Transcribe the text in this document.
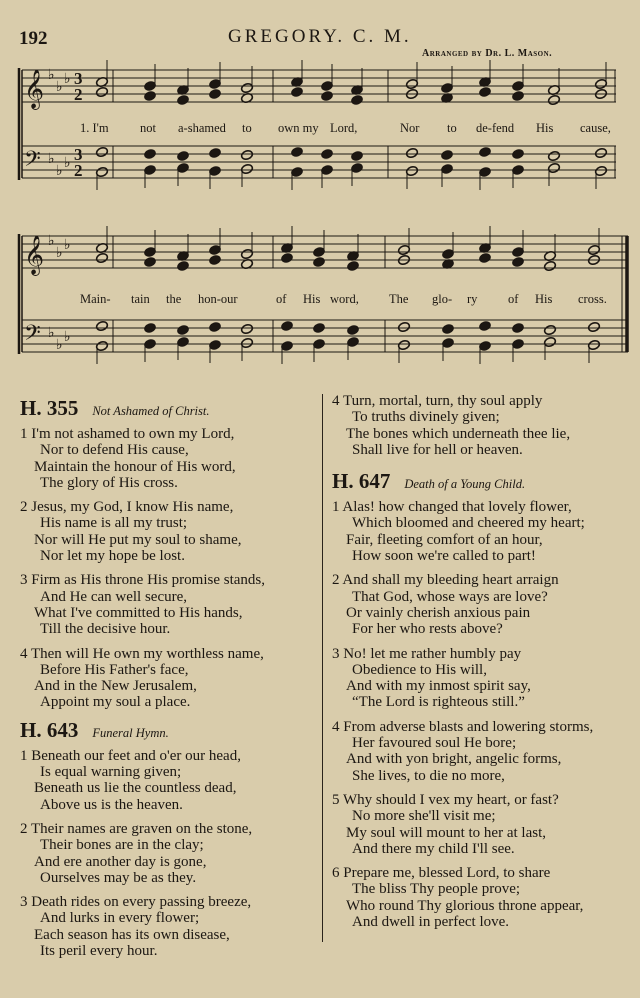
192	GREGORY. C. M.
Arranged by Dr. L. Mason.
𝄞
𝄢
♭
♭ ♭
♭
♭ ♭
3
2
3
2
𝄞
𝄢
♭
♭ ♭
♭
♭ ♭
1. I'm	not a-shamed to own my Lord,	Nor to de-fend His cause,
Main- tain the hon-our	of His word, The glo- ry of His cross.
H. 355 Not Ashamed of Christ.
1 I'm not ashamed to own my Lord,
Nor to defend His cause,
Maintain the honour of His word,
The glory of His cross.
2 Jesus, my God, I know His name,
His name is all my trust;
Nor will He put my soul to shame,
Nor let my hope be lost.
3 Firm as His throne His promise stands,
And He can well secure,
What I've committed to His hands,
Till the decisive hour.
4 Then will He own my worthless name,
Before His Father's face,
And in the New Jerusalem,
Appoint my soul a place.
H. 643 Funeral Hymn.
1 Beneath our feet and o'er our head,
Is equal warning given;
Beneath us lie the countless dead,
Above us is the heaven.
2 Their names are graven on the stone,
Their bones are in the clay;
And ere another day is gone,
Ourselves may be as they.
3 Death rides on every passing breeze,
And lurks in every flower;
Each season has its own disease,
Its peril every hour.
4 Turn, mortal, turn, thy soul apply
To truths divinely given;
The bones which underneath thee lie,
Shall live for hell or heaven.
H. 647 Death of a Young Child.
1 Alas! how changed that lovely flower,
Which bloomed and cheered my heart;
Fair, fleeting comfort of an hour,
How soon we're called to part!
2 And shall my bleeding heart arraign
That God, whose ways are love?
Or vainly cherish anxious pain
For her who rests above?
3 No! let me rather humbly pay
Obedience to His will,
And with my inmost spirit say,
“The Lord is righteous still.”
4 From adverse blasts and lowering storms,
Her favoured soul He bore;
And with yon bright, angelic forms,
She lives, to die no more,
5 Why should I vex my heart, or fast?
No more she'll visit me;
My soul will mount to her at last,
And there my child I'll see.
6 Prepare me, blessed Lord, to share
The bliss Thy people prove;
Who round Thy glorious throne appear,
And dwell in perfect love.
